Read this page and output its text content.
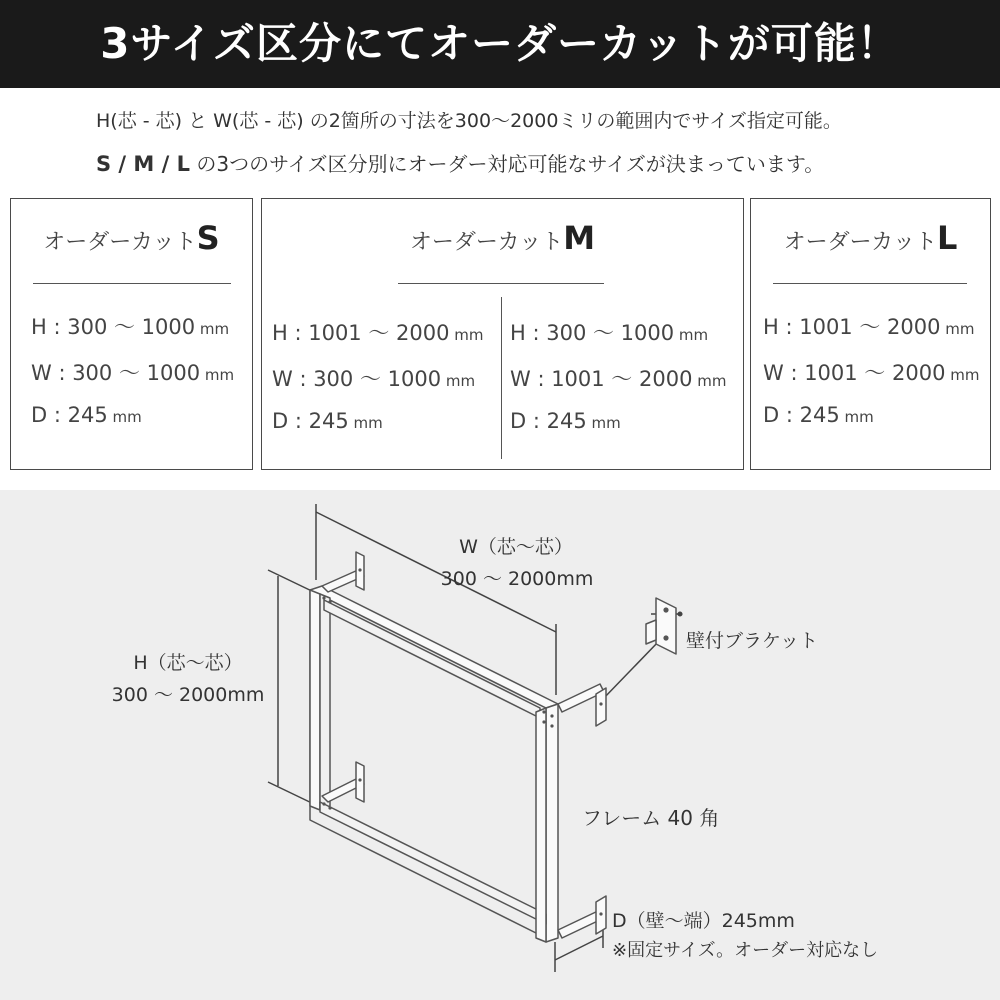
3サイズ区分にてオーダーカットが可能！
H(芯 - 芯) と W(芯 - 芯) の2箇所の寸法を300〜2000ミリの範囲内でサイズ指定可能。
S / M / L の3つのサイズ区分別にオーダー対応可能なサイズが決まっています。
オーダーカットS
H : 300 〜 1000 mm
W : 300 〜 1000 mm
D : 245 mm
オーダーカットM
H : 1001 〜 2000 mm
W : 300 〜 1000 mm
D : 245 mm
H : 300 〜 1000 mm
W : 1001 〜 2000 mm
D : 245 mm
オーダーカットL
H : 1001 〜 2000 mm
W : 1001 〜 2000 mm
D : 245 mm
W（芯〜芯）
300 〜 2000mm
H（芯〜芯）
300 〜 2000mm
壁付ブラケット
フレーム 40 角
D（壁〜端）245mm
※固定サイズ。オーダー対応なし
